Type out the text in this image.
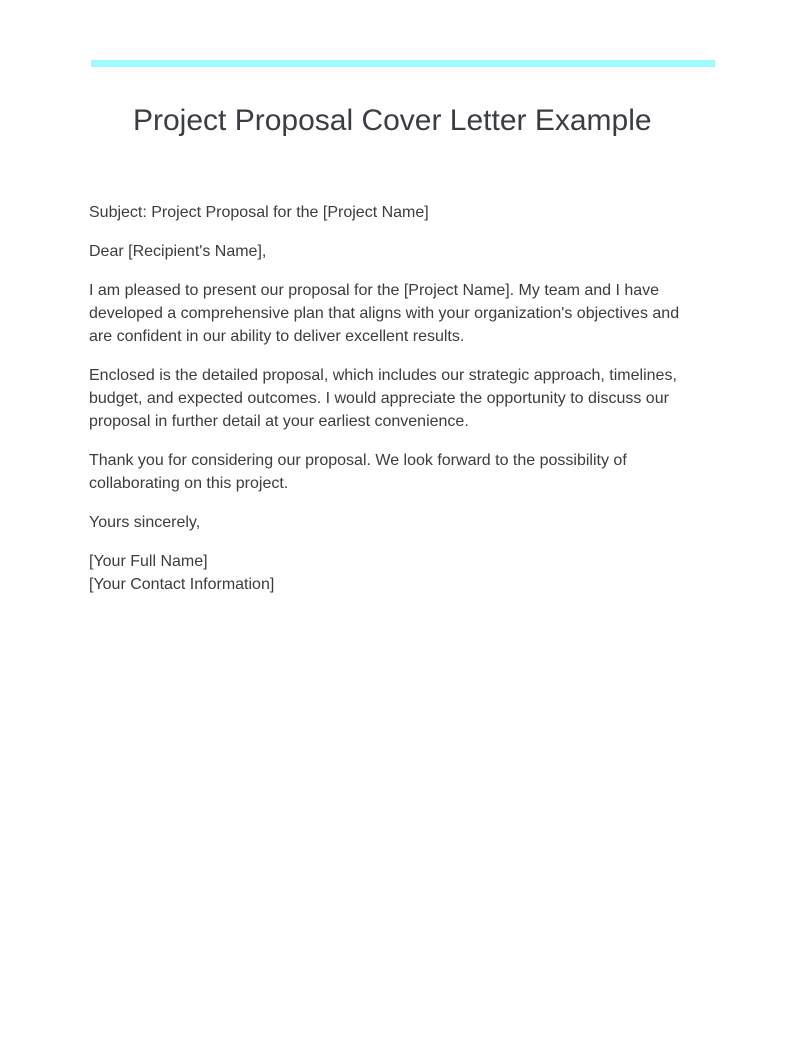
Project Proposal Cover Letter Example

Subject: Project Proposal for the [Project Name]

Dear [Recipient's Name],

I am pleased to present our proposal for the [Project Name]. My team and I have developed a comprehensive plan that aligns with your organization's objectives and are confident in our ability to deliver excellent results.

Enclosed is the detailed proposal, which includes our strategic approach, timelines, budget, and expected outcomes. I would appreciate the opportunity to discuss our proposal in further detail at your earliest convenience.

Thank you for considering our proposal. We look forward to the possibility of collaborating on this project.

Yours sincerely,

[Your Full Name]

[Your Contact Information]
